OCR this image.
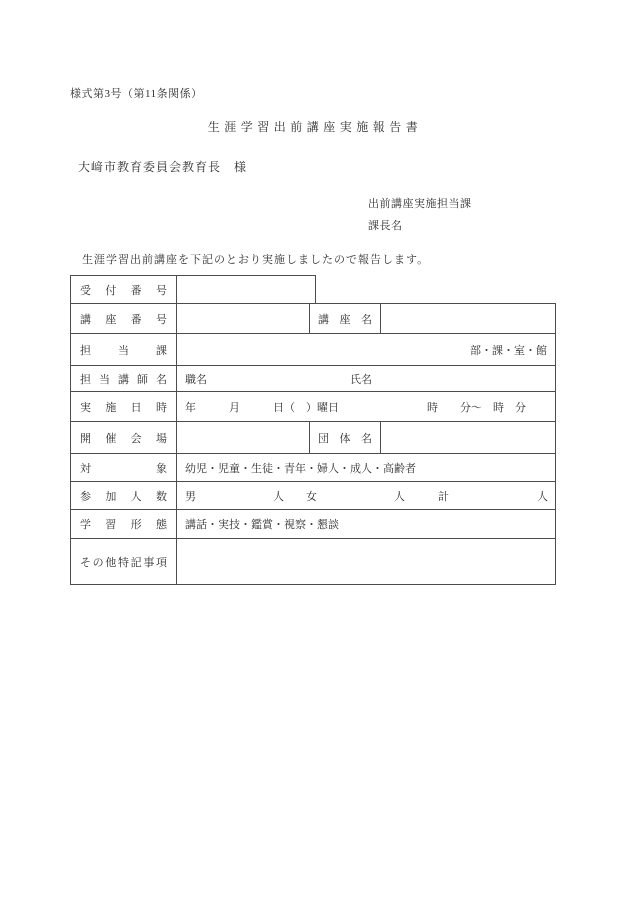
様式第3号（第11条関係）
生涯学習出前講座実施報告書
大﨑市教育委員会教育長　様
出前講座実施担当課
課長名
生涯学習出前講座を下記のとおり実施しましたので報告します。
受付番号
講座番号	講座名
担当課	部・課・室・館
担当講師名 職名　　　　　　　　　　　　　氏名
実施日時 年　　　月　　　日（　）曜日　　　　　　　　時　　分～　時　分
開催会場	団体名
対象 幼児・児童・生徒・青年・婦人・成人・高齢者
参加人数 男　　　　　　　人　　女　　　　　　　人　　　計　　　　　　　　人
学習形態 講話・実技・鑑賞・視察・懇談
その他特記事項
